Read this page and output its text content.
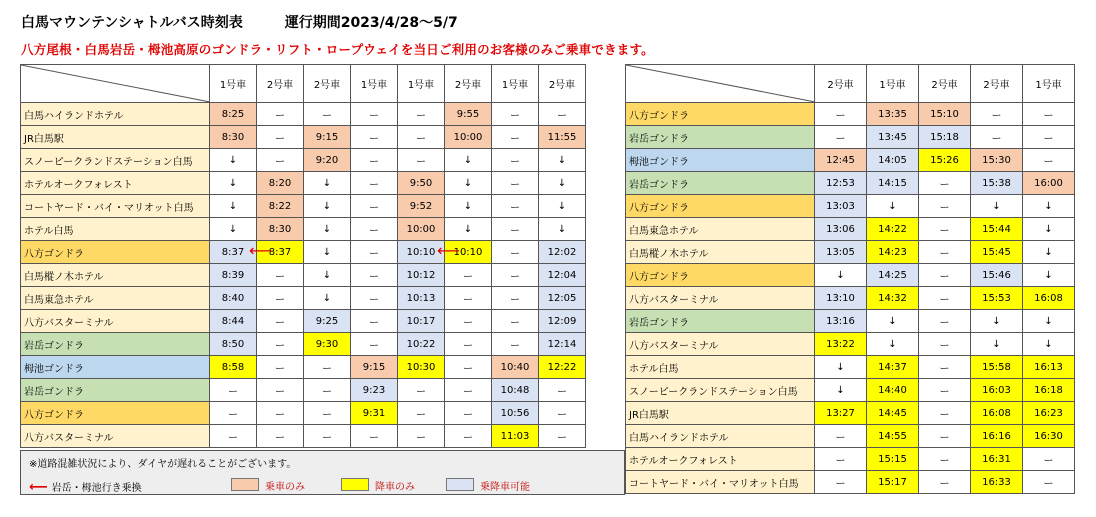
白馬マウンテンシャトルバス時刻表	運行期間2023/4/28〜5/7
八方尾根・白馬岩岳・栂池高原のゴンドラ・リフト・ロープウェイを当日ご利用のお客様のみご乗車できます。
	1号車	2号車	2号車	1号車	1号車	2号車	1号車	2号車
白馬ハイランドホテル	8:25	ー	ー	ー	ー	9:55	ー	ー
JR白馬駅	8:30	ー	9:15	ー	ー	10:00	ー	11:55
スノーピークランドステーション白馬	↓	ー	9:20	ー	ー	↓	ー	↓
ホテルオークフォレスト	↓	8:20	↓	ー	9:50	↓	ー	↓
コートヤード・バイ・マリオット白馬	↓	8:22	↓	ー	9:52	↓	ー	↓
ホテル白馬	↓	8:30	↓	ー	10:00	↓	ー	↓
八方ゴンドラ	8:37	8:37	↓	ー	10:10	10:10	ー	12:02
白馬樅ノ木ホテル	8:39	ー	↓	ー	10:12	ー	ー	12:04
白馬東急ホテル	8:40	ー	↓	ー	10:13	ー	ー	12:05
八方バスターミナル	8:44	ー	9:25	ー	10:17	ー	ー	12:09
岩岳ゴンドラ	8:50	ー	9:30	ー	10:22	ー	ー	12:14
栂池ゴンドラ	8:58	ー	ー	9:15	10:30	ー	10:40	12:22
岩岳ゴンドラ	ー	ー	ー	9:23	ー	ー	10:48	ー
八方ゴンドラ	ー	ー	ー	9:31	ー	ー	10:56	ー
八方バスターミナル	ー	ー	ー	ー	ー	ー	11:03	ー
	2号車	1号車	2号車	2号車	1号車
八方ゴンドラ	ー	13:35	15:10	ー	ー
岩岳ゴンドラ	ー	13:45	15:18	ー	ー
栂池ゴンドラ	12:45	14:05	15:26	15:30	ー
岩岳ゴンドラ	12:53	14:15	ー	15:38	16:00
八方ゴンドラ	13:03	↓	ー	↓	↓
白馬東急ホテル	13:06	14:22	ー	15:44	↓
白馬樅ノ木ホテル	13:05	14:23	ー	15:45	↓
八方ゴンドラ	↓	14:25	ー	15:46	↓
八方バスターミナル	13:10	14:32	ー	15:53	16:08
岩岳ゴンドラ	13:16	↓	ー	↓	↓
八方バスターミナル	13:22	↓	ー	↓	↓
ホテル白馬	↓	14:37	ー	15:58	16:13
スノーピークランドステーション白馬	↓	14:40	ー	16:03	16:18
JR白馬駅	13:27	14:45	ー	16:08	16:23
白馬ハイランドホテル	ー	14:55	ー	16:16	16:30
ホテルオークフォレスト	ー	15:15	ー	16:31	ー
コートヤード・バイ・マリオット白馬	ー	15:17	ー	16:33	ー
※道路混雑状況により、ダイヤが遅れることがございます。
⟵ 岩岳・栂池行き乗換	乗車のみ	降車のみ	乗降車可能
⟵	⟵
